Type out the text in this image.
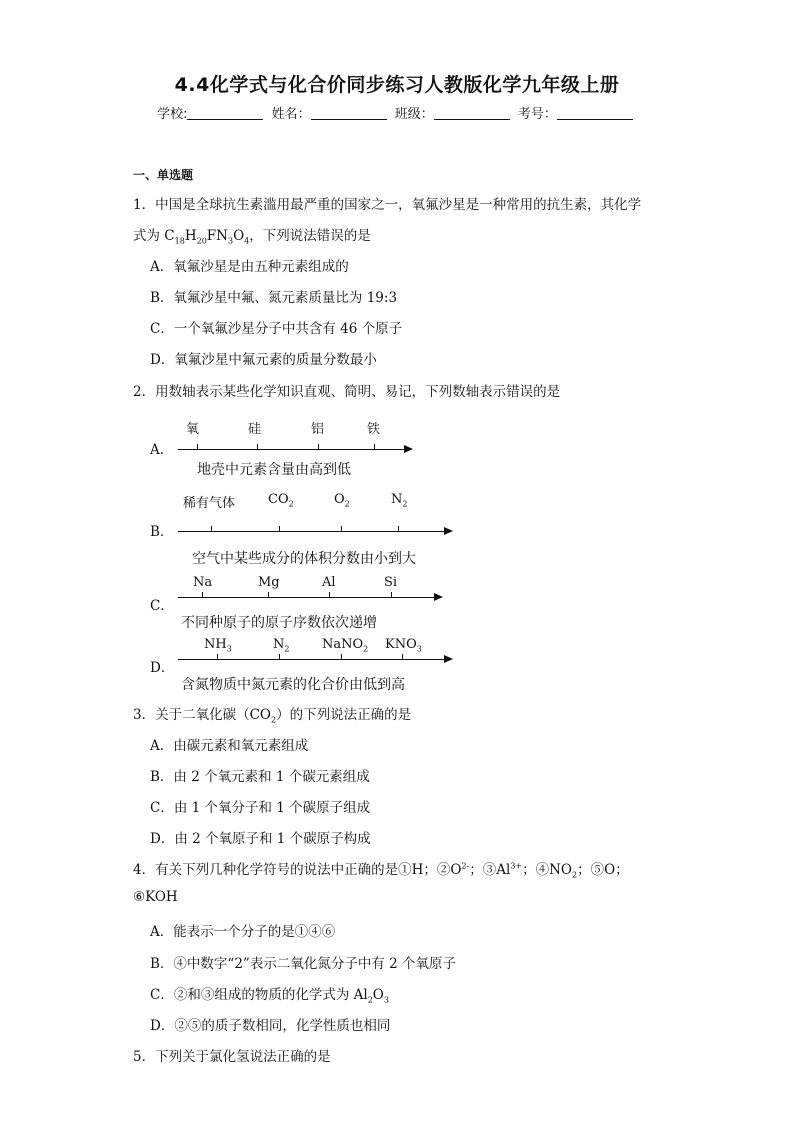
4.4化学式与化合价同步练习人教版化学九年级上册
学校:	姓名：	班级：	考号：
一、单选题
1．中国是全球抗生素滥用最严重的国家之一，氧氟沙星是一种常用的抗生素，其化学
式为 $C_{18}H_{20}FN_3O_4$，下列说法错误的是
A．氧氟沙星是由五种元素组成的
B．氧氟沙星中氟、氮元素质量比为 19:3
C．一个氧氟沙星分子中共含有 46 个原子
D．氧氟沙星中氟元素的质量分数最小
2．用数轴表示某些化学知识直观、简明、易记，下列数轴表示错误的是
A．
氧	硅	铝	铁
地壳中元素含量由高到低
B．
稀有气体	$CO_2$	$O_2$	$N_2$
空气中某些成分的体积分数由小到大
C．
Na	Mg	Al	Si
不同种原子的原子序数依次递增
D．
$NH_3$	$N_2$	NaNO$_2$ $KNO_3$
含氮物质中氮元素的化合价由低到高
3．关于二氧化碳$(CO_2)$的下列说法正确的是
A．由碳元素和氧元素组成
B．由 2 个氧元素和 1 个碳元素组成
C．由 1 个氧分子和 1 个碳原子组成
D．由 2 个氧原子和 1 个碳原子构成
4．有关下列几种化学符号的说法中正确的是①H；$②O^{2-}$；$③Al^{3+}$；$④NO_2$；⑤O；
⑥KOH
A．能表示一个分子的是①④⑥
B．④中数字“2”表示二氧化氮分子中有 2 个氧原子
C．②和③组成的物质的化学式为 $Al_2O_3$
D．②⑤的质子数相同，化学性质也相同
5．下列关于氯化氢说法正确的是
